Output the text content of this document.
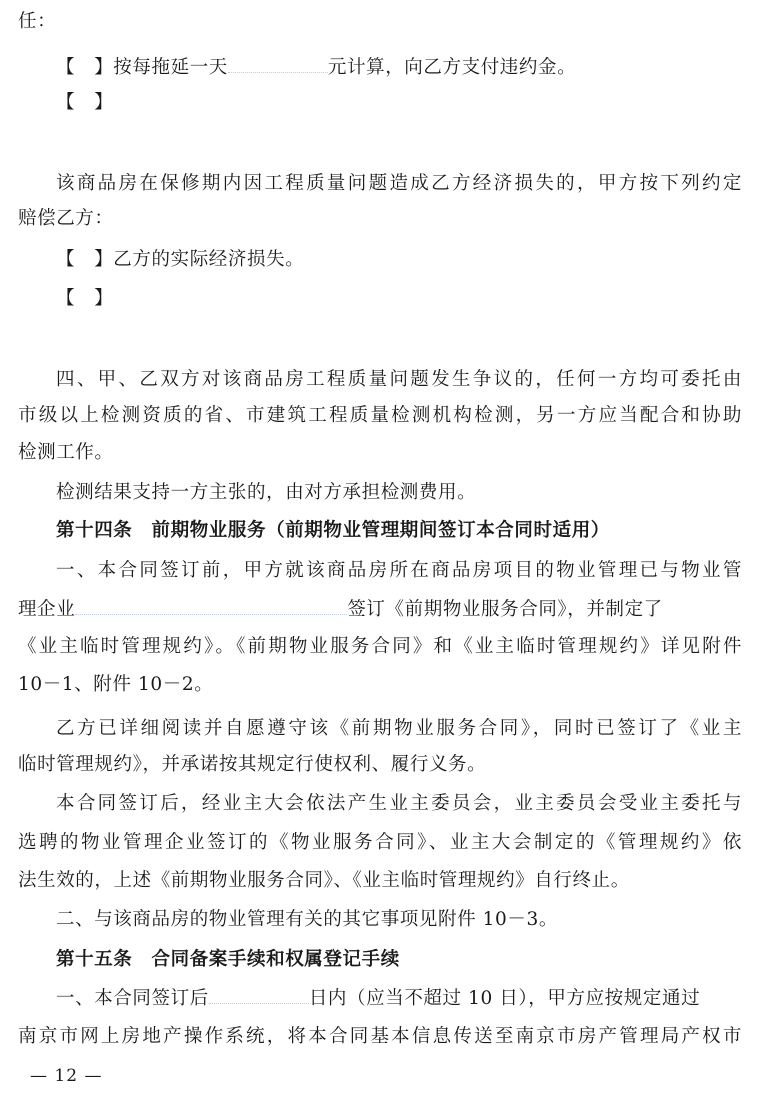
任：
【　】按每拖延一天	元计算，向乙方支付违约金。
【　】
该商品房在保修期内因工程质量问题造成乙方经济损失的，甲方按下列约定
赔偿乙方：
【　】乙方的实际经济损失。
【　】
四、甲、乙双方对该商品房工程质量问题发生争议的，任何一方均可委托由
市级以上检测资质的省、市建筑工程质量检测机构检测，另一方应当配合和协助
检测工作。
检测结果支持一方主张的，由对方承担检测费用。
第十四条　前期物业服务（前期物业管理期间签订本合同时适用）
一、本合同签订前，甲方就该商品房所在商品房项目的物业管理已与物业管
理企业	签订《前期物业服务合同》，并制定了
《业主临时管理规约》。《前期物业服务合同》和《业主临时管理规约》详见附件
10－1、附件 10－2。
乙方已详细阅读并自愿遵守该《前期物业服务合同》，同时已签订了《业主
临时管理规约》，并承诺按其规定行使权利、履行义务。
本合同签订后，经业主大会依法产生业主委员会，业主委员会受业主委托与
选聘的物业管理企业签订的《物业服务合同》、业主大会制定的《管理规约》依
法生效的，上述《前期物业服务合同》、《业主临时管理规约》自行终止。
二、与该商品房的物业管理有关的其它事项见附件 10－3。
第十五条　合同备案手续和权属登记手续
一、本合同签订后	日内（应当不超过 10 日），甲方应按规定通过
南京市网上房地产操作系统，将本合同基本信息传送至南京市房产管理局产权市
— 12 —
